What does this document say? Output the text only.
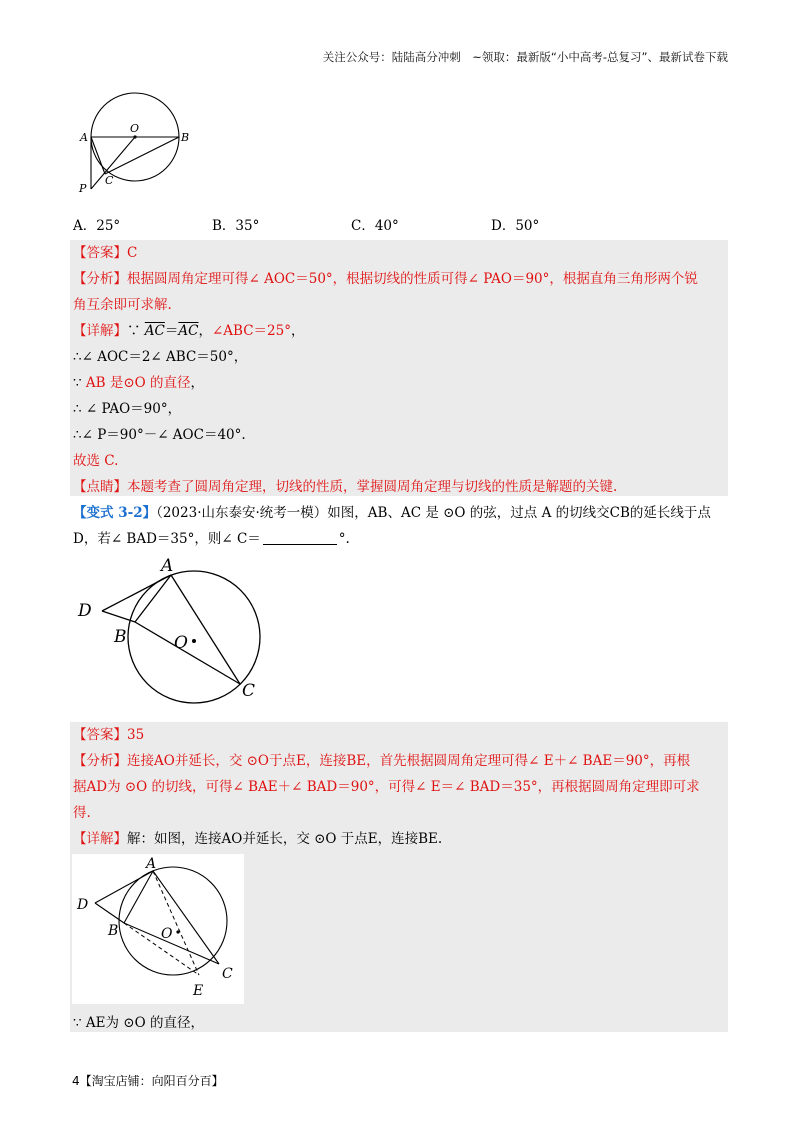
关注公众号：陆陆高分冲刺　~领取：最新版“小中高考-总复习”、最新试卷下载
A
O
B
P
C
A．25°	B．35°	C．40°	D．50°
【答案】C
【分析】根据圆周角定理可得∠ AOC＝50°，根据切线的性质可得∠ PAO＝90°，根据直角三角形两个锐
角互余即可求解.
【详解】∵ $\overline{AC}=\overline{AC}$，∠ABC＝25°，
∴∠ AOC＝2∠ ABC＝50°，
∵ AB 是⊙O 的直径，
∴ ∠ PAO＝90°，
∴∠ P＝90°－∠ AOC＝40°.
故选 C.
【点睛】本题考查了圆周角定理，切线的性质，掌握圆周角定理与切线的性质是解题的关键.
【变式 3-2】（2023·山东泰安·统考一模）如图，AB、AC 是 ⊙O 的弦，过点 A 的切线交CB的延长线于点
D，若∠ BAD＝35°，则∠ C＝	°.
A
D
B	O
C
【答案】35
【分析】连接AO并延长，交 ⊙O于点E，连接BE，首先根据圆周角定理可得∠ E＋∠ BAE＝90°，再根
据AD为 ⊙O 的切线，可得∠ BAE＋∠ BAD＝90°，可得∠ E＝∠ BAD＝35°，再根据圆周角定理即可求
得.
【详解】解：如图，连接AO并延长，交 ⊙O 于点E，连接BE.
A
D
B	O
C
E
∵ AE为 ⊙O 的直径，
4【淘宝店铺：向阳百分百】
